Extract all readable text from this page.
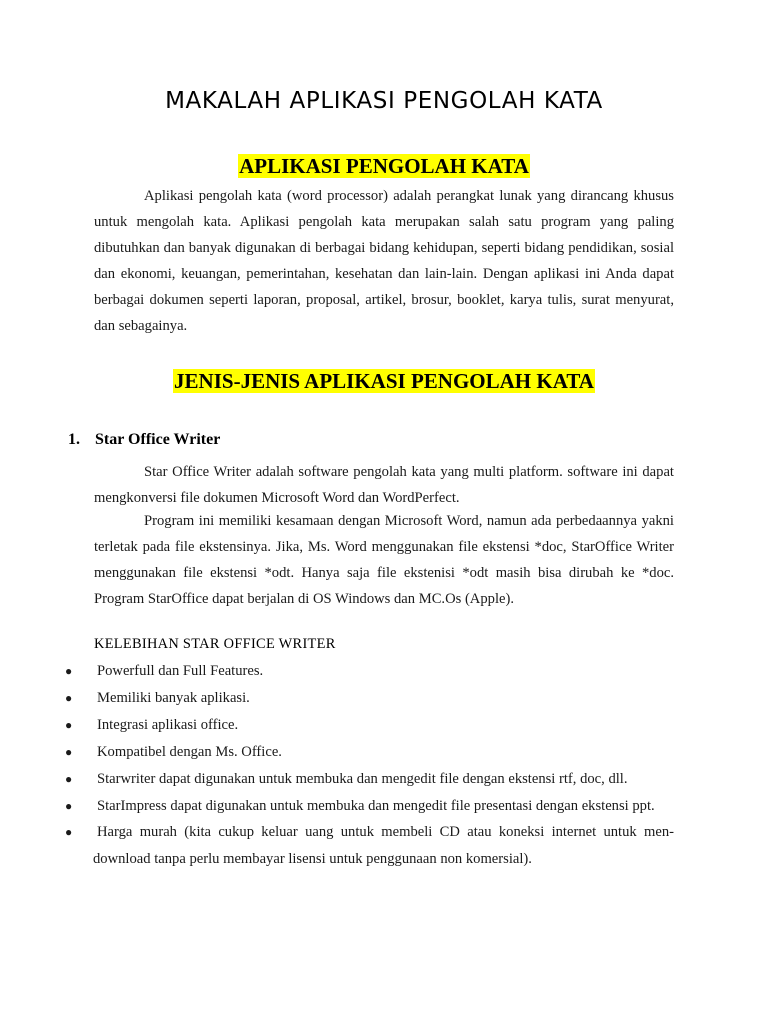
MAKALAH APLIKASI PENGOLAH KATA
APLIKASI PENGOLAH KATA

Aplikasi pengolah kata (word processor) adalah perangkat lunak yang dirancang khusus untuk mengolah kata. Aplikasi pengolah kata merupakan salah satu program yang paling dibutuhkan dan banyak digunakan di berbagai bidang kehidupan, seperti bidang pendidikan, sosial dan ekonomi, keuangan, pemerintahan, kesehatan dan lain-lain. Dengan aplikasi ini Anda dapat berbagai dokumen seperti laporan, proposal, artikel, brosur, booklet, karya tulis, surat menyurat, dan sebagainya.

JENIS-JENIS APLIKASI PENGOLAH KATA
1. Star Office Writer

Star Office Writer adalah software pengolah kata yang multi platform. software ini dapat mengkonversi file dokumen Microsoft Word dan WordPerfect.

Program ini memiliki kesamaan dengan Microsoft Word, namun ada perbedaannya yakni terletak pada file ekstensinya. Jika, Ms. Word menggunakan file ekstensi *doc, StarOffice Writer menggunakan file ekstensi *odt. Hanya saja file ekstenisi *odt masih bisa dirubah ke *doc. Program StarOffice dapat berjalan di OS Windows dan MC.Os (Apple).

KELEBIHAN STAR OFFICE WRITER
● Powerfull dan Full Features.
● Memiliki banyak aplikasi.
● Integrasi aplikasi office.
● Kompatibel dengan Ms. Office.
● Starwriter dapat digunakan untuk membuka dan mengedit file dengan ekstensi rtf, doc, dll.
● StarImpress dapat digunakan untuk membuka dan mengedit file presentasi dengan ekstensi ppt.
● Harga murah (kita cukup keluar uang untuk membeli CD atau koneksi internet untuk men-download tanpa perlu membayar lisensi untuk penggunaan non komersial).
